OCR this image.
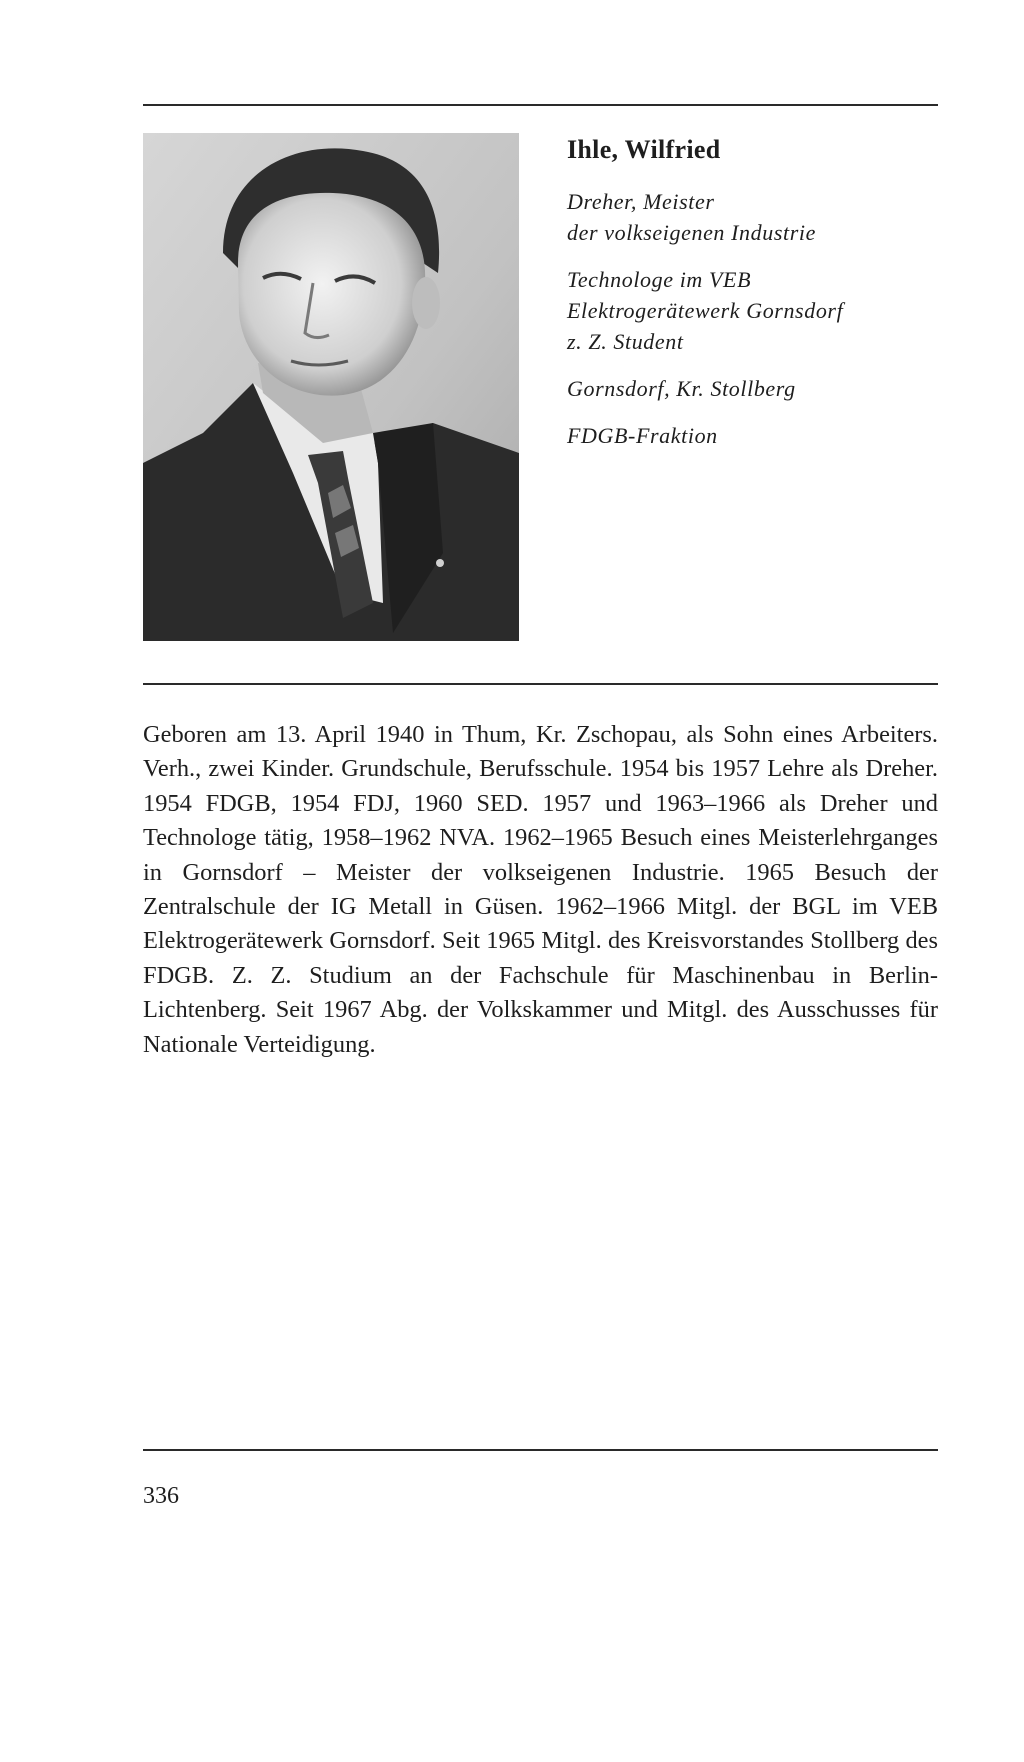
Ihle, Wilfried
Dreher, Meister
der volkseigenen Industrie
Technologe im VEB
Elektrogerätewerk Gornsdorf
z. Z. Student
Gornsdorf, Kr. Stollberg
FDGB-Fraktion

Geboren am 13. April 1940 in Thum, Kr. Zschopau, als Sohn eines Arbeiters. Verh., zwei Kinder. Grundschule, Berufsschule. 1954 bis 1957 Lehre als Dreher. 1954 FDGB, 1954 FDJ, 1960 SED. 1957 und 1963–1966 als Dreher und Technologe tätig, 1958–1962 NVA. 1962–1965 Besuch eines Meisterlehrganges in Gornsdorf – Meister der volkseigenen Industrie. 1965 Besuch der Zentralschule der IG Metall in Güsen. 1962–1966 Mitgl. der BGL im VEB Elektrogerätewerk Gornsdorf. Seit 1965 Mitgl. des Kreisvorstandes Stollberg des FDGB. Z. Z. Studium an der Fachschule für Maschinenbau in Berlin-Lichtenberg. Seit 1967 Abg. der Volkskammer und Mitgl. des Ausschusses für Nationale Verteidigung.

336
